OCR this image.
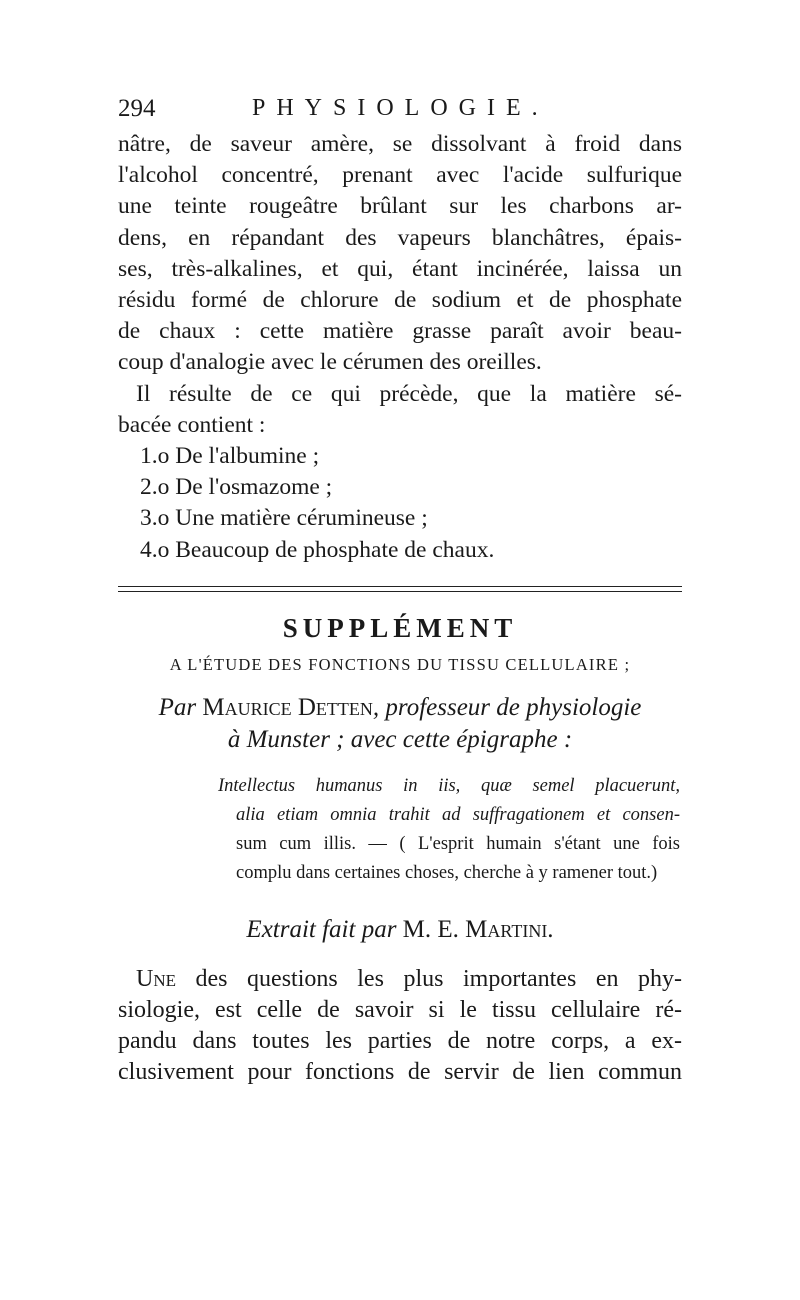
294	PHYSIOLOGIE.
nâtre, de saveur amère, se dissolvant à froid dans
l'alcohol concentré, prenant avec l'acide sulfurique
une teinte rougeâtre brûlant sur les charbons ar-
dens, en répandant des vapeurs blanchâtres, épais-
ses, très-alkalines, et qui, étant incinérée, laissa un
résidu formé de chlorure de sodium et de phosphate
de chaux : cette matière grasse paraît avoir beau-
coup d'analogie avec le cérumen des oreilles.
Il résulte de ce qui précède, que la matière sé-
bacée contient :
1.o De l'albumine ;
2.o De l'osmazome ;
3.o Une matière cérumineuse ;
4.o Beaucoup de phosphate de chaux.
SUPPLÉMENT

A L'ÉTUDE DES FONCTIONS DU TISSU CELLULAIRE ;

Par Maurice Detten, professeur de physiologie
à Munster ; avec cette épigraphe :
Intellectus humanus in iis, quæ semel placuerunt,
alia etiam omnia trahit ad suffragationem et consen-
sum cum illis. — ( L'esprit humain s'étant une fois
complu dans certaines choses, cherche à y ramener tout.)
Extrait fait par M. E. Martini.
Une des questions les plus importantes en phy-
siologie, est celle de savoir si le tissu cellulaire ré-
pandu dans toutes les parties de notre corps, a ex-
clusivement pour fonctions de servir de lien commun
